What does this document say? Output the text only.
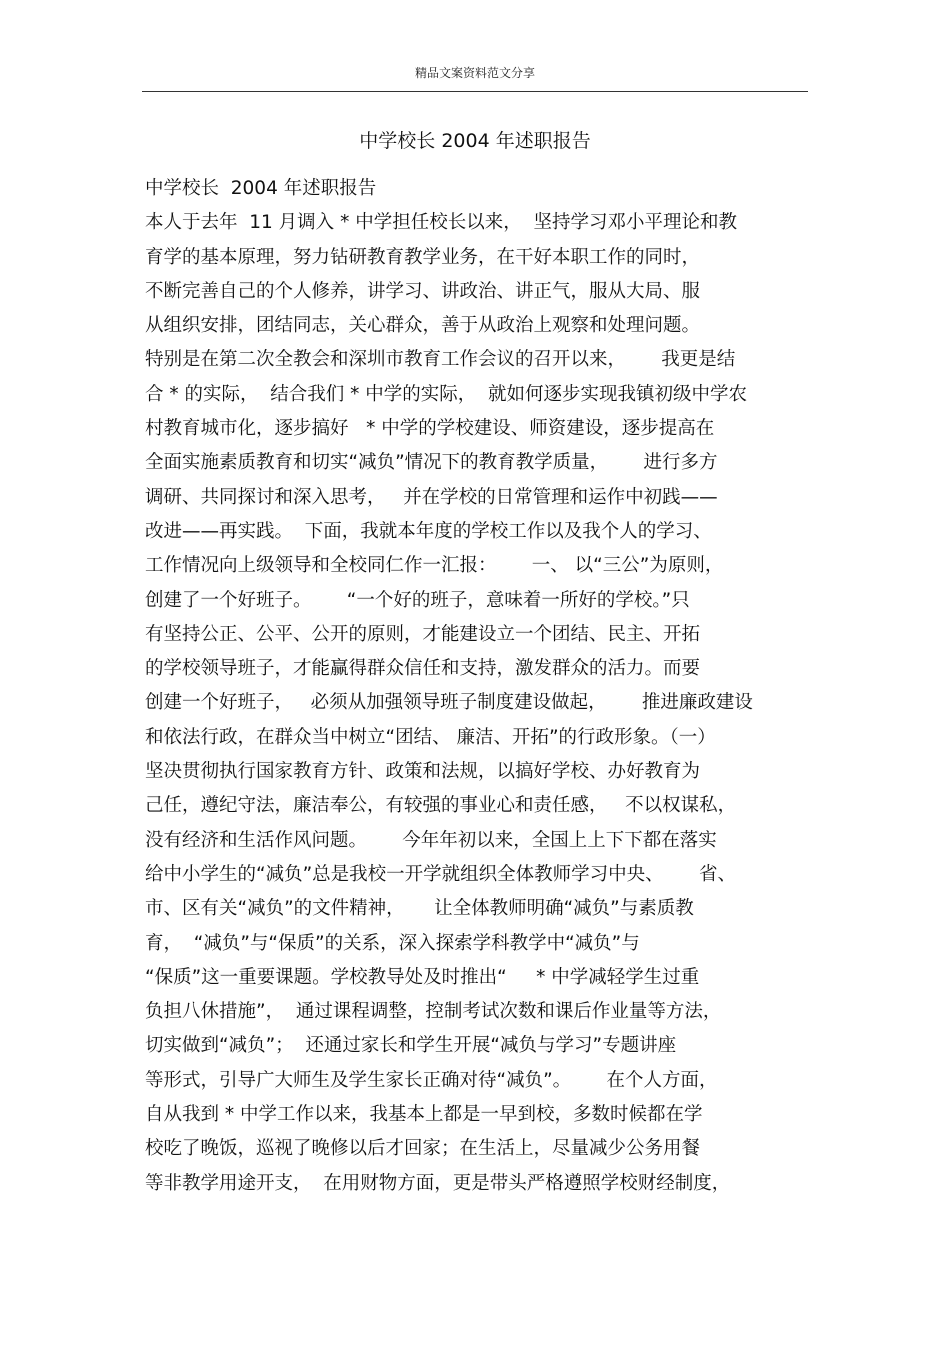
精品文案资料范文分享
中学校长 2004 年述职报告
中学校长  2004 年述职报告
本人于去年  11 月调入 * 中学担任校长以来，  坚持学习邓小平理论和教
育学的基本原理，努力钻研教育教学业务，在干好本职工作的同时，
不断完善自己的个人修养，讲学习、讲政治、讲正气，服从大局、服
从组织安排，团结同志，关心群众，善于从政治上观察和处理问题。
特别是在第二次全教会和深圳市教育工作会议的召开以来，      我更是结
合 * 的实际，  结合我们 * 中学的实际，  就如何逐步实现我镇初级中学农
村教育城市化，逐步搞好   * 中学的学校建设、师资建设，逐步提高在
全面实施素质教育和切实“减负”情况下的教育教学质量，      进行多方
调研、共同探讨和深入思考，   并在学校的日常管理和运作中初践——
改进——再实践。  下面，我就本年度的学校工作以及我个人的学习、
工作情况向上级领导和全校同仁作一汇报：      一、 以“三公”为原则，
创建了一个好班子。      “一个好的班子，意味着一所好的学校。”只
有坚持公正、公平、公开的原则，才能建设立一个团结、民主、开拓
的学校领导班子，才能赢得群众信任和支持，激发群众的活力。而要
创建一个好班子，   必须从加强领导班子制度建设做起，      推进廉政建设
和依法行政，在群众当中树立“团结、 廉洁、开拓”的行政形象。（一）
坚决贯彻执行国家教育方针、政策和法规，以搞好学校、办好教育为
己任，遵纪守法，廉洁奉公，有较强的事业心和责任感，   不以权谋私，
没有经济和生活作风问题。      今年年初以来，全国上上下下都在落实
给中小学生的“减负”总是我校一开学就组织全体教师学习中央、      省、
市、区有关“减负”的文件精神，     让全体教师明确“减负”与素质教
育，  “减负”与“保质”的关系，深入探索学科教学中“减负”与
“保质”这一重要课题。学校教导处及时推出“     * 中学减轻学生过重
负担八休措施”，  通过课程调整，控制考试次数和课后作业量等方法，
切实做到“减负”；  还通过家长和学生开展“减负与学习”专题讲座
等形式，引导广大师生及学生家长正确对待“减负”。      在个人方面，
自从我到 * 中学工作以来，我基本上都是一早到校，多数时候都在学
校吃了晚饭，巡视了晚修以后才回家；在生活上，尽量减少公务用餐
等非教学用途开支，  在用财物方面，更是带头严格遵照学校财经制度，
